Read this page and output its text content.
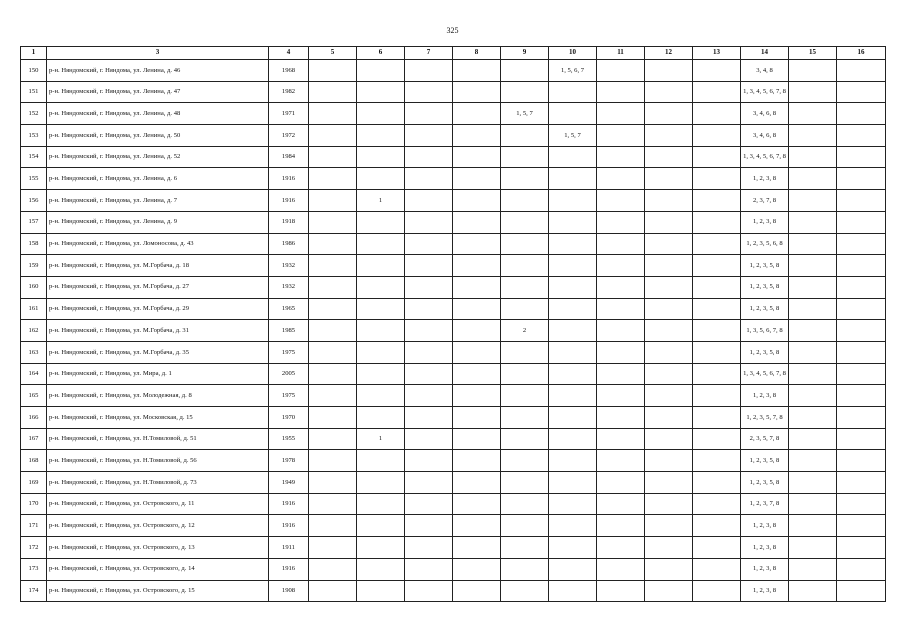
325
1	3	4	5	6	7	8	9	10	11	12	13	14	15	16
150	р-н. Няндомский, г. Няндома, ул. Ленина, д. 46	1968						1, 5, 6, 7				3, 4, 8		
151	р-н. Няндомский, г. Няндома, ул. Ленина, д. 47	1982										1, 3, 4, 5, 6, 7, 8		
152	р-н. Няндомский, г. Няндома, ул. Ленина, д. 48	1971					1, 5, 7					3, 4, 6, 8		
153	р-н. Няндомский, г. Няндома, ул. Ленина, д. 50	1972						1, 5, 7				3, 4, 6, 8		
154	р-н. Няндомский, г. Няндома, ул. Ленина, д. 52	1984										1, 3, 4, 5, 6, 7, 8		
155	р-н. Няндомский, г. Няндома, ул. Ленина, д. 6	1916										1, 2, 3, 8		
156	р-н. Няндомский, г. Няндома, ул. Ленина, д. 7	1916		1								2, 3, 7, 8		
157	р-н. Няндомский, г. Няндома, ул. Ленина, д. 9	1918										1, 2, 3, 8		
158	р-н. Няндомский, г. Няндома, ул. Ломоносова, д. 43	1986										1, 2, 3, 5, 6, 8		
159	р-н. Няндомский, г. Няндома, ул. М.Горбача, д. 18	1932										1, 2, 3, 5, 8		
160	р-н. Няндомский, г. Няндома, ул. М.Горбача, д. 27	1932										1, 2, 3, 5, 8		
161	р-н. Няндомский, г. Няндома, ул. М.Горбача, д. 29	1965										1, 2, 3, 5, 8		
162	р-н. Няндомский, г. Няндома, ул. М.Горбача, д. 31	1985					2					1, 3, 5, 6, 7, 8		
163	р-н. Няндомский, г. Няндома, ул. М.Горбача, д. 35	1975										1, 2, 3, 5, 8		
164	р-н. Няндомский, г. Няндома, ул. Мира, д. 1	2005										1, 3, 4, 5, 6, 7, 8		
165	р-н. Няндомский, г. Няндома, ул. Молодежная, д. 8	1975										1, 2, 3, 8		
166	р-н. Няндомский, г. Няндома, ул. Московская, д. 15	1970										1, 2, 3, 5, 7, 8		
167	р-н. Няндомский, г. Няндома, ул. Н.Томиловой, д. 51	1955		1								2, 3, 5, 7, 8		
168	р-н. Няндомский, г. Няндома, ул. Н.Томиловой, д. 56	1978										1, 2, 3, 5, 8		
169	р-н. Няндомский, г. Няндома, ул. Н.Томиловой, д. 73	1949										1, 2, 3, 5, 8		
170	р-н. Няндомский, г. Няндома, ул. Островского, д. 11	1916										1, 2, 3, 7, 8		
171	р-н. Няндомский, г. Няндома, ул. Островского, д. 12	1916										1, 2, 3, 8		
172	р-н. Няндомский, г. Няндома, ул. Островского, д. 13	1911										1, 2, 3, 8		
173	р-н. Няндомский, г. Няндома, ул. Островского, д. 14	1916										1, 2, 3, 8		
174	р-н. Няндомский, г. Няндома, ул. Островского, д. 15	1908										1, 2, 3, 8		
